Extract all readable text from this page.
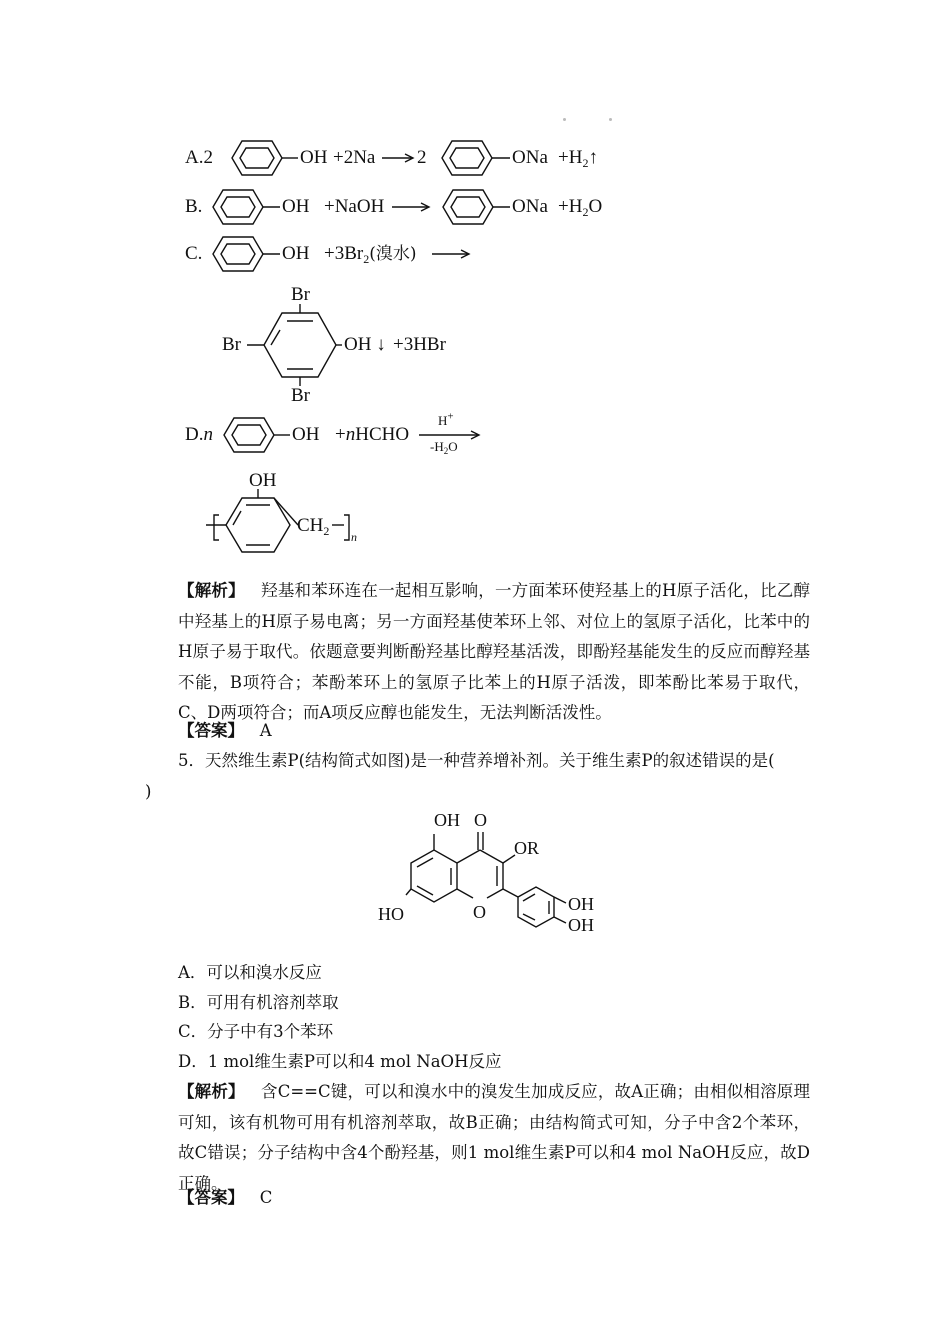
A.2	OH +2Na 2	ONa $+H_2↑$
B.	OH +NaOH	ONa $+H_2O$
C.	OH $+3Br_2$(溴水)
Br
Br
Br
OH ↓ +3HBr
D.n	OH +nHCHO
H+
$-H_2O$
OH
$CH_2$ n
【解析】 羟基和苯环连在一起相互影响，一方面苯环使羟基上的H原子活化，比乙醇中羟基上的H原子易电离；另一方面羟基使苯环上邻、对位上的氢原子活化，比苯中的H原子易于取代。依题意要判断酚羟基比醇羟基活泼，即酚羟基能发生的反应而醇羟基不能，B项符合；苯酚苯环上的氢原子比苯上的H原子活泼，即苯酚比苯易于取代，C、D两项符合；而A项反应醇也能发生，无法判断活泼性。
【答案】 A
5．天然维生素P(结构简式如图)是一种营养增补剂。关于维生素P的叙述错误的是(
)
OH O
OR
HO	O	OH
OH
A．可以和溴水反应
B．可用有机溶剂萃取
C．分子中有3个苯环
D．1 mol维生素P可以和4 mol NaOH反应
【解析】 含C==C键，可以和溴水中的溴发生加成反应，故A正确；由相似相溶原理可知，该有机物可用有机溶剂萃取，故B正确；由结构简式可知，分子中含2个苯环，故C错误；分子结构中含4个酚羟基，则1 mol维生素P可以和4 mol NaOH反应，故D正确。
【答案】 C
